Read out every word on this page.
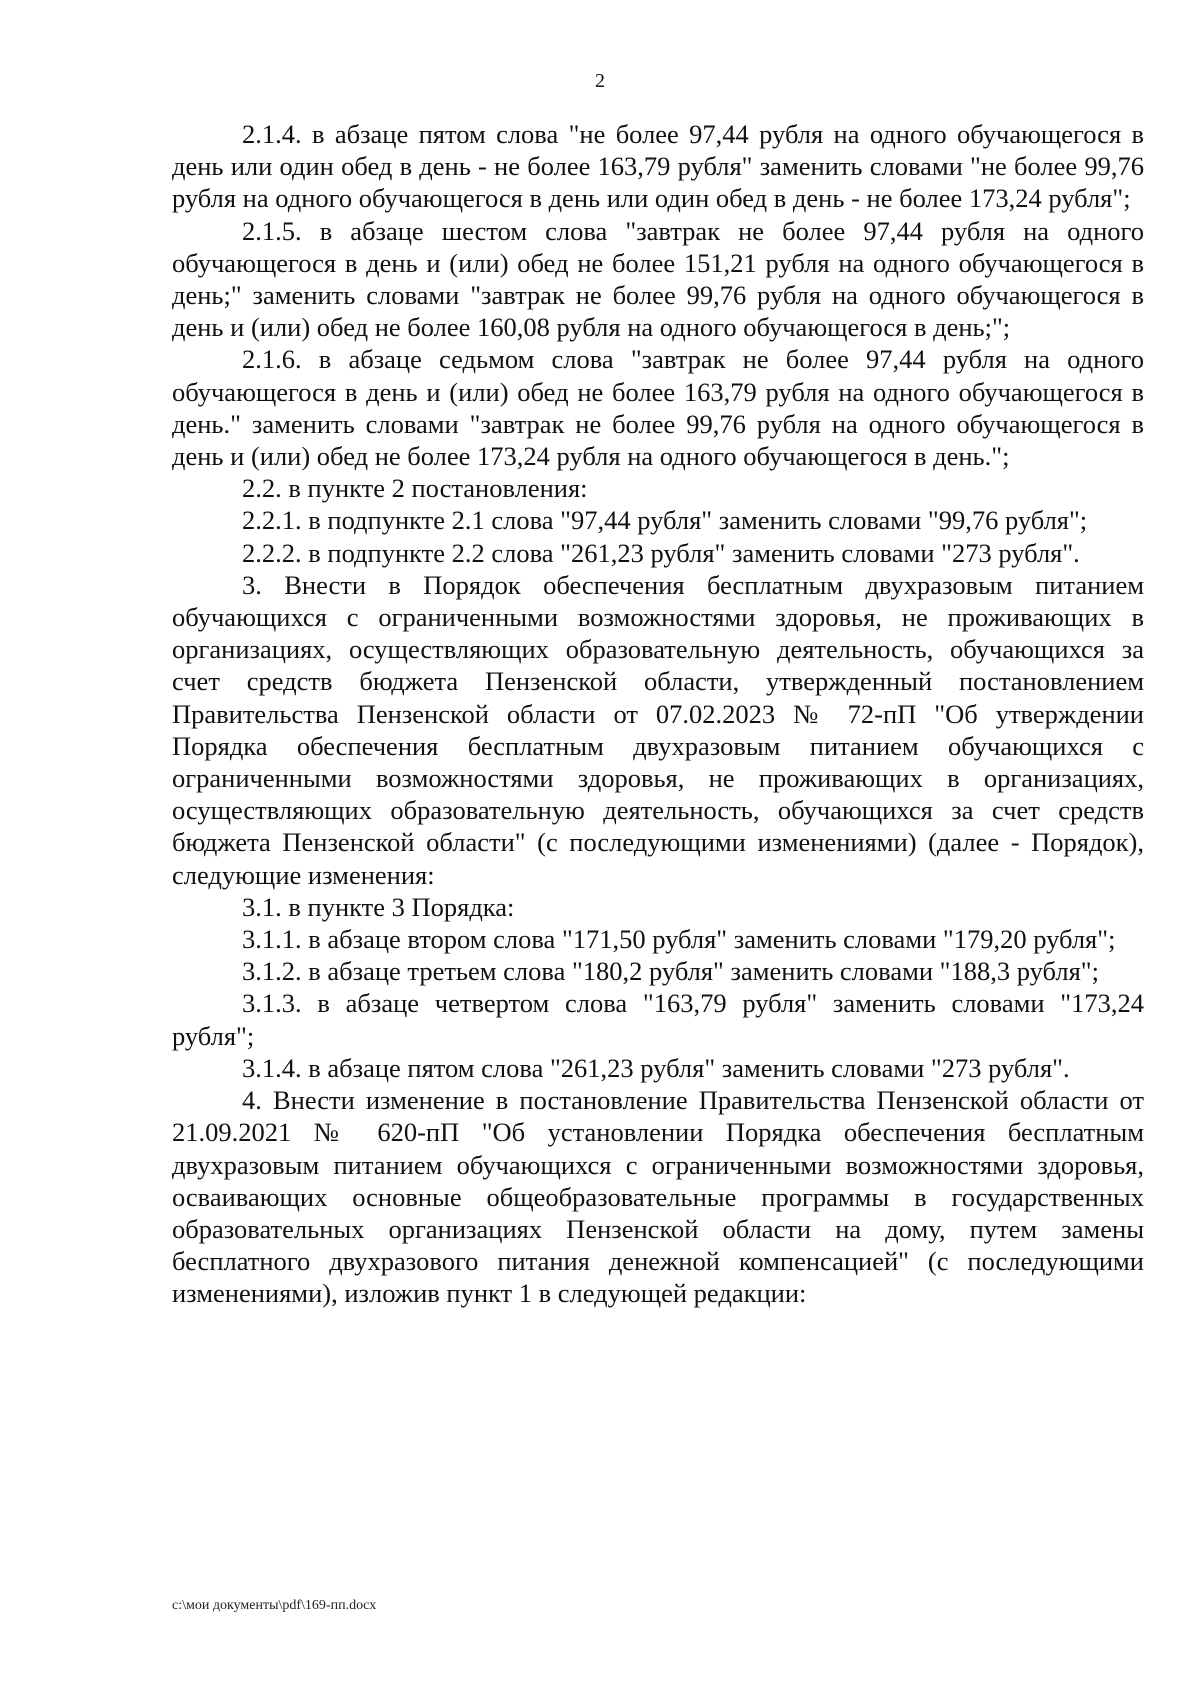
2

2.1.4. в абзаце пятом слова "не более 97,44 рубля на одного обучающегося в день или один обед в день - не более 163,79 рубля" заменить словами "не более 99,76 рубля на одного обучающегося в день или один обед в день - не более 173,24 рубля";

2.1.5. в абзаце шестом слова "завтрак не более 97,44 рубля на одного обучающегося в день и (или) обед не более 151,21 рубля на одного обучающегося в день;" заменить словами "завтрак не более 99,76 рубля на одного обучающегося в день и (или) обед не более 160,08 рубля на одного обучающегося в день;";

2.1.6. в абзаце седьмом слова "завтрак не более 97,44 рубля на одного обучающегося в день и (или) обед не более 163,79 рубля на одного обучающегося в день." заменить словами "завтрак не более 99,76 рубля на одного обучающегося в день и (или) обед не более 173,24 рубля на одного обучающегося в день.";

2.2. в пункте 2 постановления:

2.2.1. в подпункте 2.1 слова "97,44 рубля" заменить словами "99,76 рубля";

2.2.2. в подпункте 2.2 слова "261,23 рубля" заменить словами "273 рубля".

3. Внести в Порядок обеспечения бесплатным двухразовым питанием обучающихся с ограниченными возможностями здоровья, не проживающих в организациях, осуществляющих образовательную деятельность, обучающихся за счет средств бюджета Пензенской области, утвержденный постановлением Правительства Пензенской области от 07.02.2023 № 72-пП "Об утверждении Порядка обеспечения бесплатным двухразовым питанием обучающихся с ограниченными возможностями здоровья, не проживающих в организациях, осуществляющих образовательную деятельность, обучающихся за счет средств бюджета Пензенской области" (с последующими изменениями) (далее - Порядок), следующие изменения:

3.1. в пункте 3 Порядка:

3.1.1. в абзаце втором слова "171,50 рубля" заменить словами "179,20 рубля";

3.1.2. в абзаце третьем слова "180,2 рубля" заменить словами "188,3 рубля";

3.1.3. в абзаце четвертом слова "163,79 рубля" заменить словами "173,24 рубля";

3.1.4. в абзаце пятом слова "261,23 рубля" заменить словами "273 рубля".

4. Внести изменение в постановление Правительства Пензенской области от 21.09.2021 № 620-пП "Об установлении Порядка обеспечения бесплатным двухразовым питанием обучающихся с ограниченными возможностями здоровья, осваивающих основные общеобразовательные программы в государственных образовательных организациях Пензенской области на дому, путем замены бесплатного двухразового питания денежной компенсацией" (с последующими изменениями), изложив пункт 1 в следующей редакции:

c:\мои документы\pdf\169-пп.docx
